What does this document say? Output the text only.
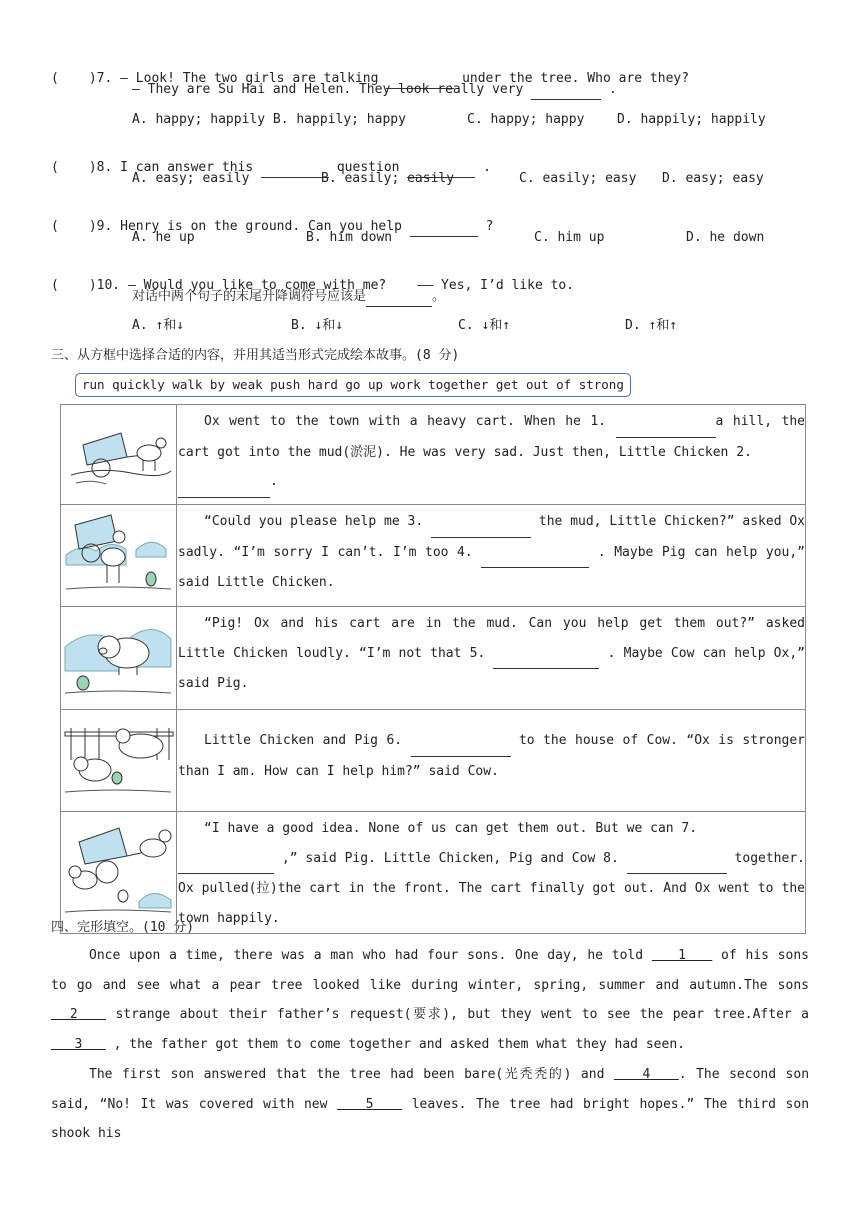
( )7. — Look! The two girls are talking	under the tree. Who are they?
— They are Su Hai and Helen. They look really very	.
A. happy; happily B. happily; happy	C. happy; happy	D. happily; happily

( )8. I can answer this	question	.
A. easy; easily	B. easily; easily	C. easily; easy D. easy; easy

( )9. Henry is on the ground. Can you help	?
A. he up	B. him down	C. him up	D. he down

( )10. — Would you like to come with me?    —— Yes, I’d like to.
对话中两个句子的末尾升降调符号应该是	。
A. ↑和↓	B. ↓和↓	C. ↓和↑	D. ↑和↑
三、从方框中选择合适的内容，并用其适当形式完成绘本故事。(8 分)
run quickly walk by weak push hard go up work together get out of strong
	Ox went to the town with a heavy cart. When he 1. a hill, the cart got into the mud(淤泥). He was very sad. Just then, Little Chicken 2.
.
	“Could you please help me 3. the mud, Little Chicken?” asked Ox sadly. “I’m sorry I can’t. I’m too 4. . Maybe Pig can help you,” said Little Chicken.
	“Pig! Ox and his cart are in the mud. Can you help get them out?” asked Little Chicken loudly. “I’m not that 5. . Maybe Cow can help Ox,” said Pig.
	Little Chicken and Pig 6. to the house of Cow. “Ox is stronger than I am. How can I help him?” said Cow.
	“I have a good idea. None of us can get them out. But we can 7.
,” said Pig. Little Chicken, Pig and Cow 8. together. Ox pulled(拉)the cart in the front. The cart finally got out. And Ox went to the town happily.
四、完形填空。(10 分)
Once upon a time, there was a man who had four sons. One day, he told	1	of his sons to go and see what a pear tree looked like during winter, spring, summer and autumn.The sons   2	strange about their father’s request(要求), but they went to see the pear tree.After a    3 , the father got them to come together and asked them what they had seen.
The first son answered that the tree had been bare(光秃秃的) and	4 . The second son said, “No! It was covered with new	5	leaves. The tree had bright hopes.” The third son shook his
